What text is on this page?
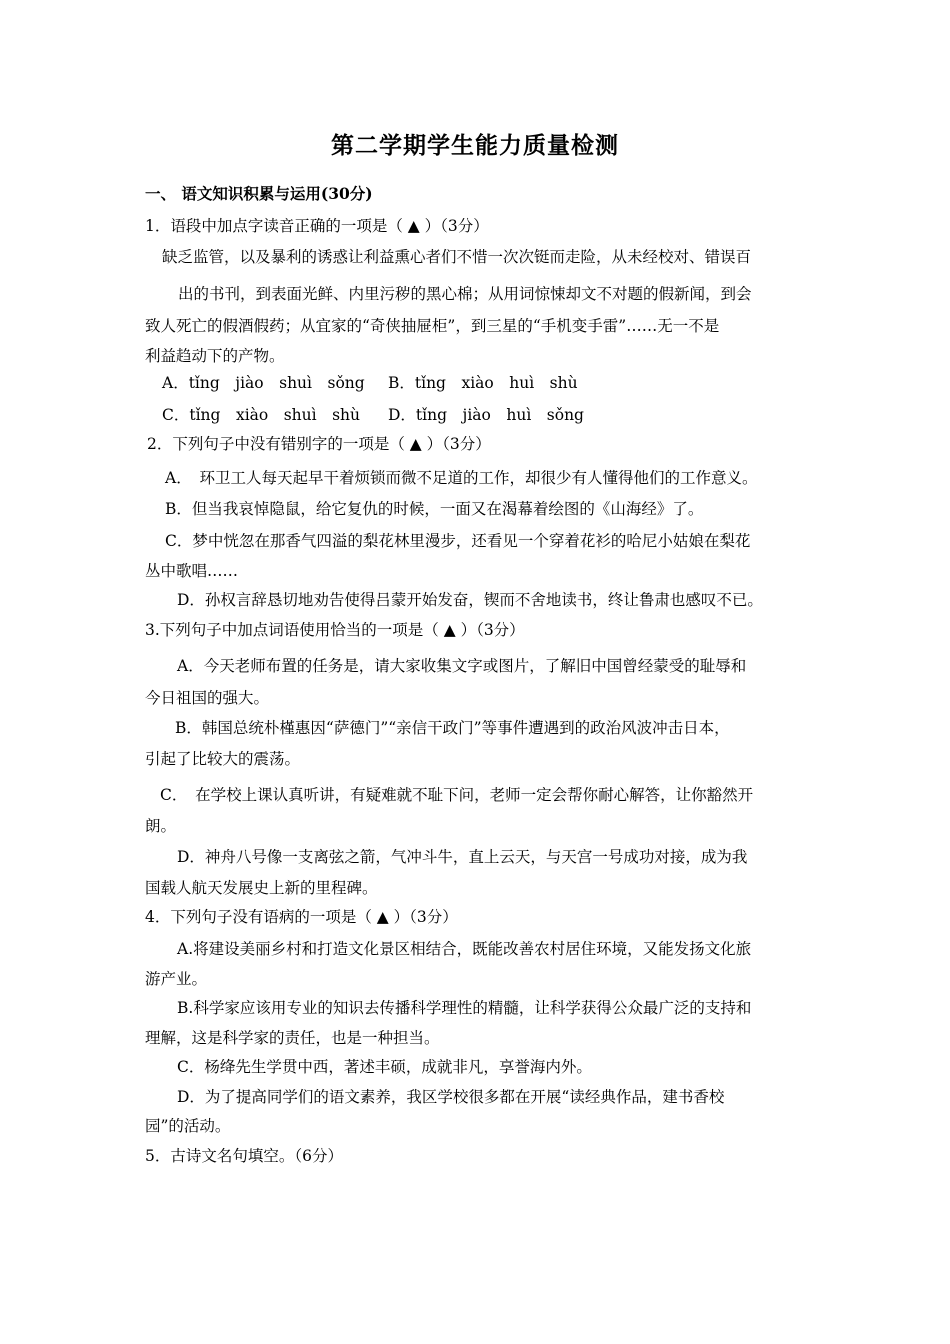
第二学期学生能力质量检测
一、 语文知识积累与运用(30分)
1．语段中加点字读音正确的一项是（ ▲ ）（3分）
缺乏监管，以及暴利的诱惑让利益熏心者们不惜一次次铤而走险，从未经校对、错误百
出的书刊，到表面光鲜、内里污秽的黑心棉；从用词惊悚却文不对题的假新闻，到会
致人死亡的假酒假药；从宜家的“奇侠抽屉柜”，到三星的“手机变手雷”……无一不是
利益趋动下的产物。
A．tǐng　jiào　shuì　sǒng B．tǐng　xiào　huì　shù
C．tǐng　xiào　shuì　shù D．tǐng　jiào　huì　sǒng
2．下列句子中没有错别字的一项是（ ▲ ）（3分）
A．　环卫工人每天起早干着烦锁而微不足道的工作，却很少有人懂得他们的工作意义。
B．但当我哀悼隐鼠，给它复仇的时候，一面又在渴幕着绘图的《山海经》了。
C．梦中恍忽在那香气四溢的梨花林里漫步，还看见一个穿着花衫的哈尼小姑娘在梨花
丛中歌唱……
D．孙权言辞恳切地劝告使得吕蒙开始发奋，锲而不舍地读书，终让鲁肃也感叹不已。
3.下列句子中加点词语使用恰当的一项是（ ▲ ）（3分）
A．今天老师布置的任务是，请大家收集文字或图片，了解旧中国曾经蒙受的耻辱和
今日祖国的强大。
B．韩国总统朴槿惠因“萨德门”“亲信干政门”等事件遭遇到的政治风波冲击日本，
引起了比较大的震荡。
C．　在学校上课认真听讲，有疑难就不耻下问，老师一定会帮你耐心解答，让你豁然开
朗。
D．神舟八号像一支离弦之箭，气冲斗牛，直上云天，与天宫一号成功对接，成为我
国载人航天发展史上新的里程碑。
4．下列句子没有语病的一项是（ ▲ ）（3分）
A.将建设美丽乡村和打造文化景区相结合，既能改善农村居住环境，又能发扬文化旅
游产业。
B.科学家应该用专业的知识去传播科学理性的精髓，让科学获得公众最广泛的支持和
理解，这是科学家的责任，也是一种担当。
C．杨绛先生学贯中西，著述丰硕，成就非凡，享誉海内外。
D．为了提高同学们的语文素养，我区学校很多都在开展“读经典作品，建书香校
园”的活动。
5．古诗文名句填空。（6分）
